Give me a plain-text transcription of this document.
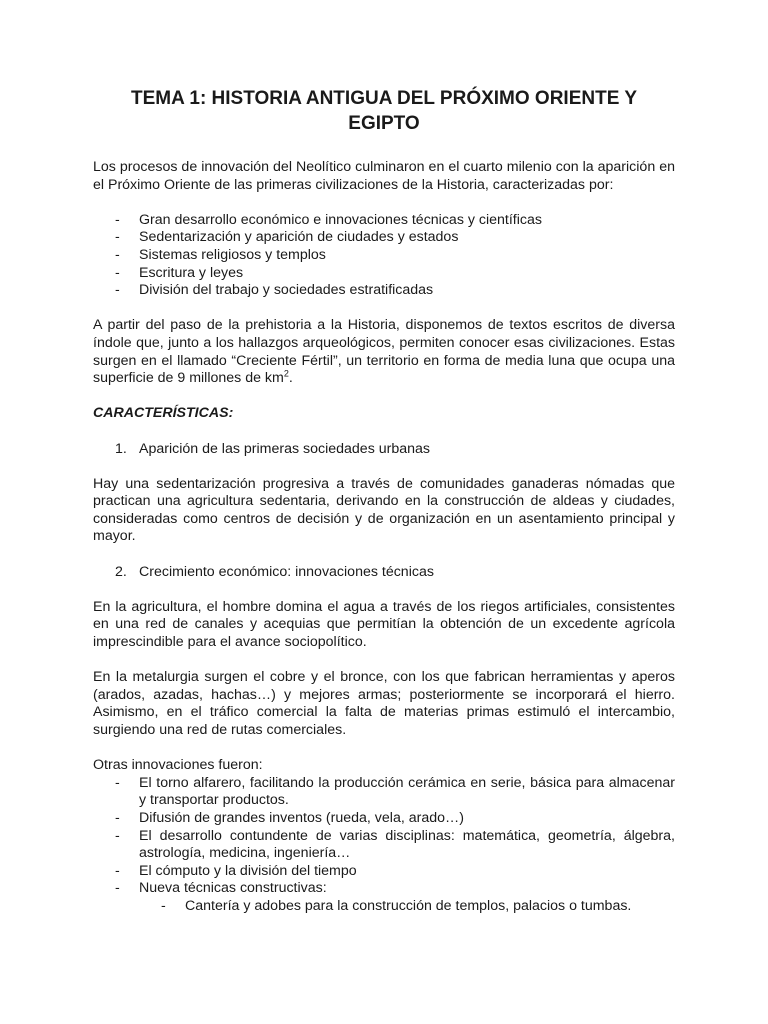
TEMA 1: HISTORIA ANTIGUA DEL PRÓXIMO ORIENTE Y EGIPTO

Los procesos de innovación del Neolítico culminaron en el cuarto milenio con la aparición en el Próximo Oriente de las primeras civilizaciones de la Historia, caracterizadas por:

- Gran desarrollo económico e innovaciones técnicas y científicas
- Sedentarización y aparición de ciudades y estados
- Sistemas religiosos y templos
- Escritura y leyes
- División del trabajo y sociedades estratificadas

A partir del paso de la prehistoria a la Historia, disponemos de textos escritos de diversa índole que, junto a los hallazgos arqueológicos, permiten conocer esas civilizaciones. Estas surgen en el llamado “Creciente Fértil”, un territorio en forma de media luna que ocupa una superficie de 9 millones de $km^2$.

CARACTERÍSTICAS:

1. Aparición de las primeras sociedades urbanas

Hay una sedentarización progresiva a través de comunidades ganaderas nómadas que practican una agricultura sedentaria, derivando en la construcción de aldeas y ciudades, consideradas como centros de decisión y de organización en un asentamiento principal y mayor.

2. Crecimiento económico: innovaciones técnicas

En la agricultura, el hombre domina el agua a través de los riegos artificiales, consistentes en una red de canales y acequias que permitían la obtención de un excedente agrícola imprescindible para el avance sociopolítico.

En la metalurgia surgen el cobre y el bronce, con los que fabrican herramientas y aperos (arados, azadas, hachas…) y mejores armas; posteriormente se incorporará el hierro. Asimismo, en el tráfico comercial la falta de materias primas estimuló el intercambio, surgiendo una red de rutas comerciales.

Otras innovaciones fueron:

- El torno alfarero, facilitando la producción cerámica en serie, básica para almacenar y transportar productos.
- Difusión de grandes inventos (rueda, vela, arado…)
- El desarrollo contundente de varias disciplinas: matemática, geometría, álgebra, astrología, medicina, ingeniería…
- El cómputo y la división del tiempo
- Nueva técnicas constructivas:
- Cantería y adobes para la construcción de templos, palacios o tumbas.
